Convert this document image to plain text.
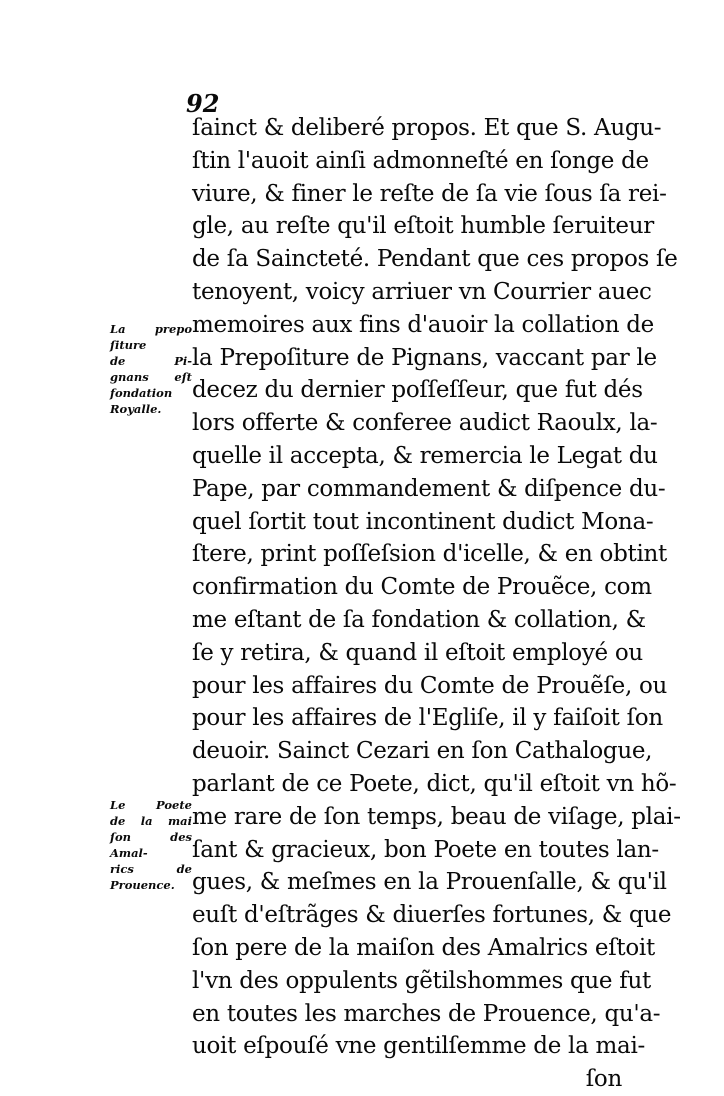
92
ſainct & deliberé propos. Et que S. Augu-
ſtin l'auoit ainſi admonneſté en ſonge de
viure, & finer le reſte de ſa vie ſous ſa rei-
gle, au reſte qu'il eſtoit humble ſeruiteur
de ſa Saincteté. Pendant que ces propos ſe
tenoyent, voicy arriuer vn Courrier auec
memoires aux fins d'auoir la collation de
la Prepoſiture de Pignans, vaccant par le
decez du dernier poſſeſſeur, que fut dés
lors offerte & conferee audict Raoulx, la-
quelle il accepta, & remercia le Legat du
Pape, par commandement & diſpence du-
quel ſortit tout incontinent dudict Mona-
ſtere, print poſſeſsion d'icelle, & en obtint
confirmation du Comte de Prouẽce, com
me eſtant de ſa fondation & collation, &
ſe y retira, & quand il eſtoit employé ou
pour les affaires du Comte de Prouẽſe, ou
pour les affaires de l'Egliſe, il y faiſoit ſon
deuoir. Sainct Cezari en ſon Cathalogue,
parlant de ce Poete, dict, qu'il eſtoit vn hõ-
me rare de ſon temps, beau de viſage, plai-
ſant & gracieux, bon Poete en toutes lan-
gues, & meſmes en la Prouenſalle, & qu'il
euſt d'eſtrãges & diuerſes fortunes, & que
ſon pere de la maiſon des Amalrics eſtoit
l'vn des oppulents gẽtilshommes que fut
en toutes les marches de Prouence, qu'a-
uoit eſpouſé vne gentilſemme de la mai-
ſon
La prepo
ſiture
de Pi-
gnans eſt
fondation
Royalle.
Le Poete
de la mai
ſon des
Amal-
rics de
Prouence.
